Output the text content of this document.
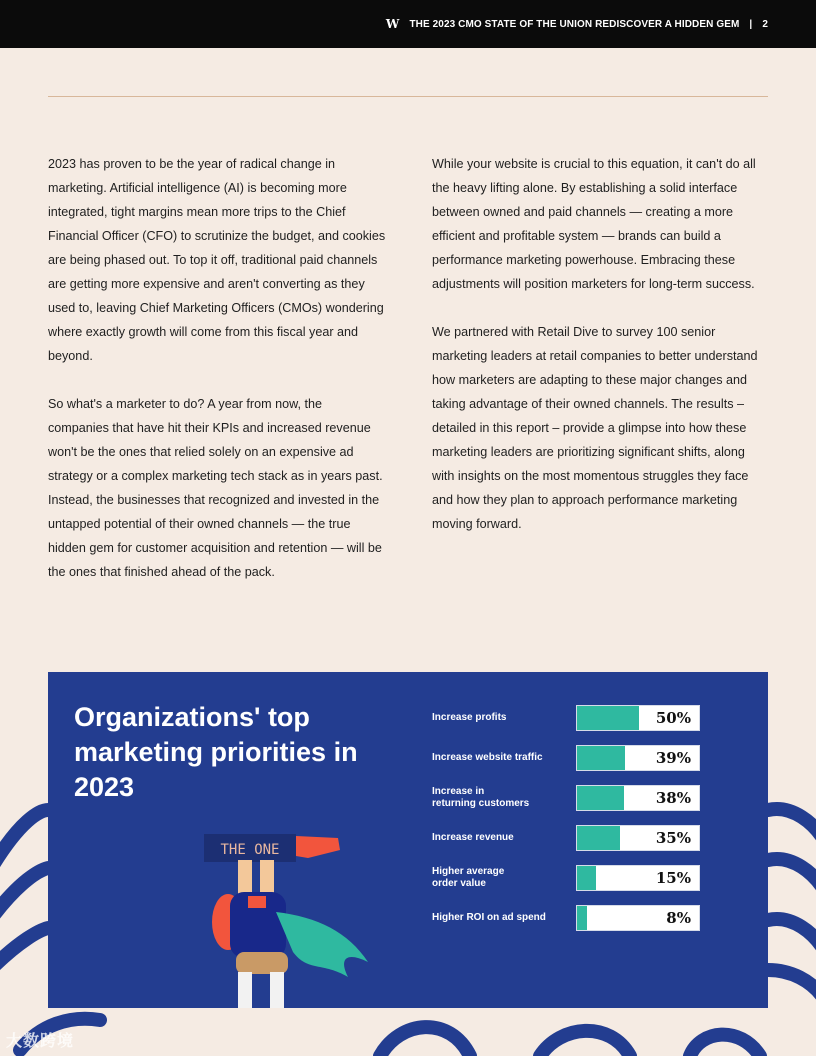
W THE 2023 CMO STATE OF THE UNION REDISCOVER A HIDDEN GEM | 2

2023 has proven to be the year of radical change in marketing. Artificial intelligence (AI) is becoming more integrated, tight margins mean more trips to the Chief Financial Officer (CFO) to scrutinize the budget, and cookies are being phased out. To top it off, traditional paid channels are getting more expensive and aren't converting as they used to, leaving Chief Marketing Officers (CMOs) wondering where exactly growth will come from this fiscal year and beyond.

So what's a marketer to do? A year from now, the companies that have hit their KPIs and increased revenue won't be the ones that relied solely on an expensive ad strategy or a complex marketing tech stack as in years past. Instead, the businesses that recognized and invested in the untapped potential of their owned channels — the true hidden gem for customer acquisition and retention — will be the ones that finished ahead of the pack.

While your website is crucial to this equation, it can't do all the heavy lifting alone. By establishing a solid interface between owned and paid channels — creating a more efficient and profitable system — brands can build a performance marketing powerhouse. Embracing these adjustments will position marketers for long-term success.

We partnered with Retail Dive to survey 100 senior marketing leaders at retail companies to better understand how marketers are adapting to these major changes and taking advantage of their owned channels. The results – detailed in this report – provide a glimpse into how these marketing leaders are prioritizing significant shifts, along with insights on the most momentous struggles they face and how they plan to approach performance marketing moving forward.

Organizations' top marketing priorities in 2023
THE ONE
Increase profits	50%
Increase website traffic	39%
Increase in
returning customers	38%
Increase revenue	35%
Higher average
order value	15%
Higher ROI on ad spend	8%
大数跨境
